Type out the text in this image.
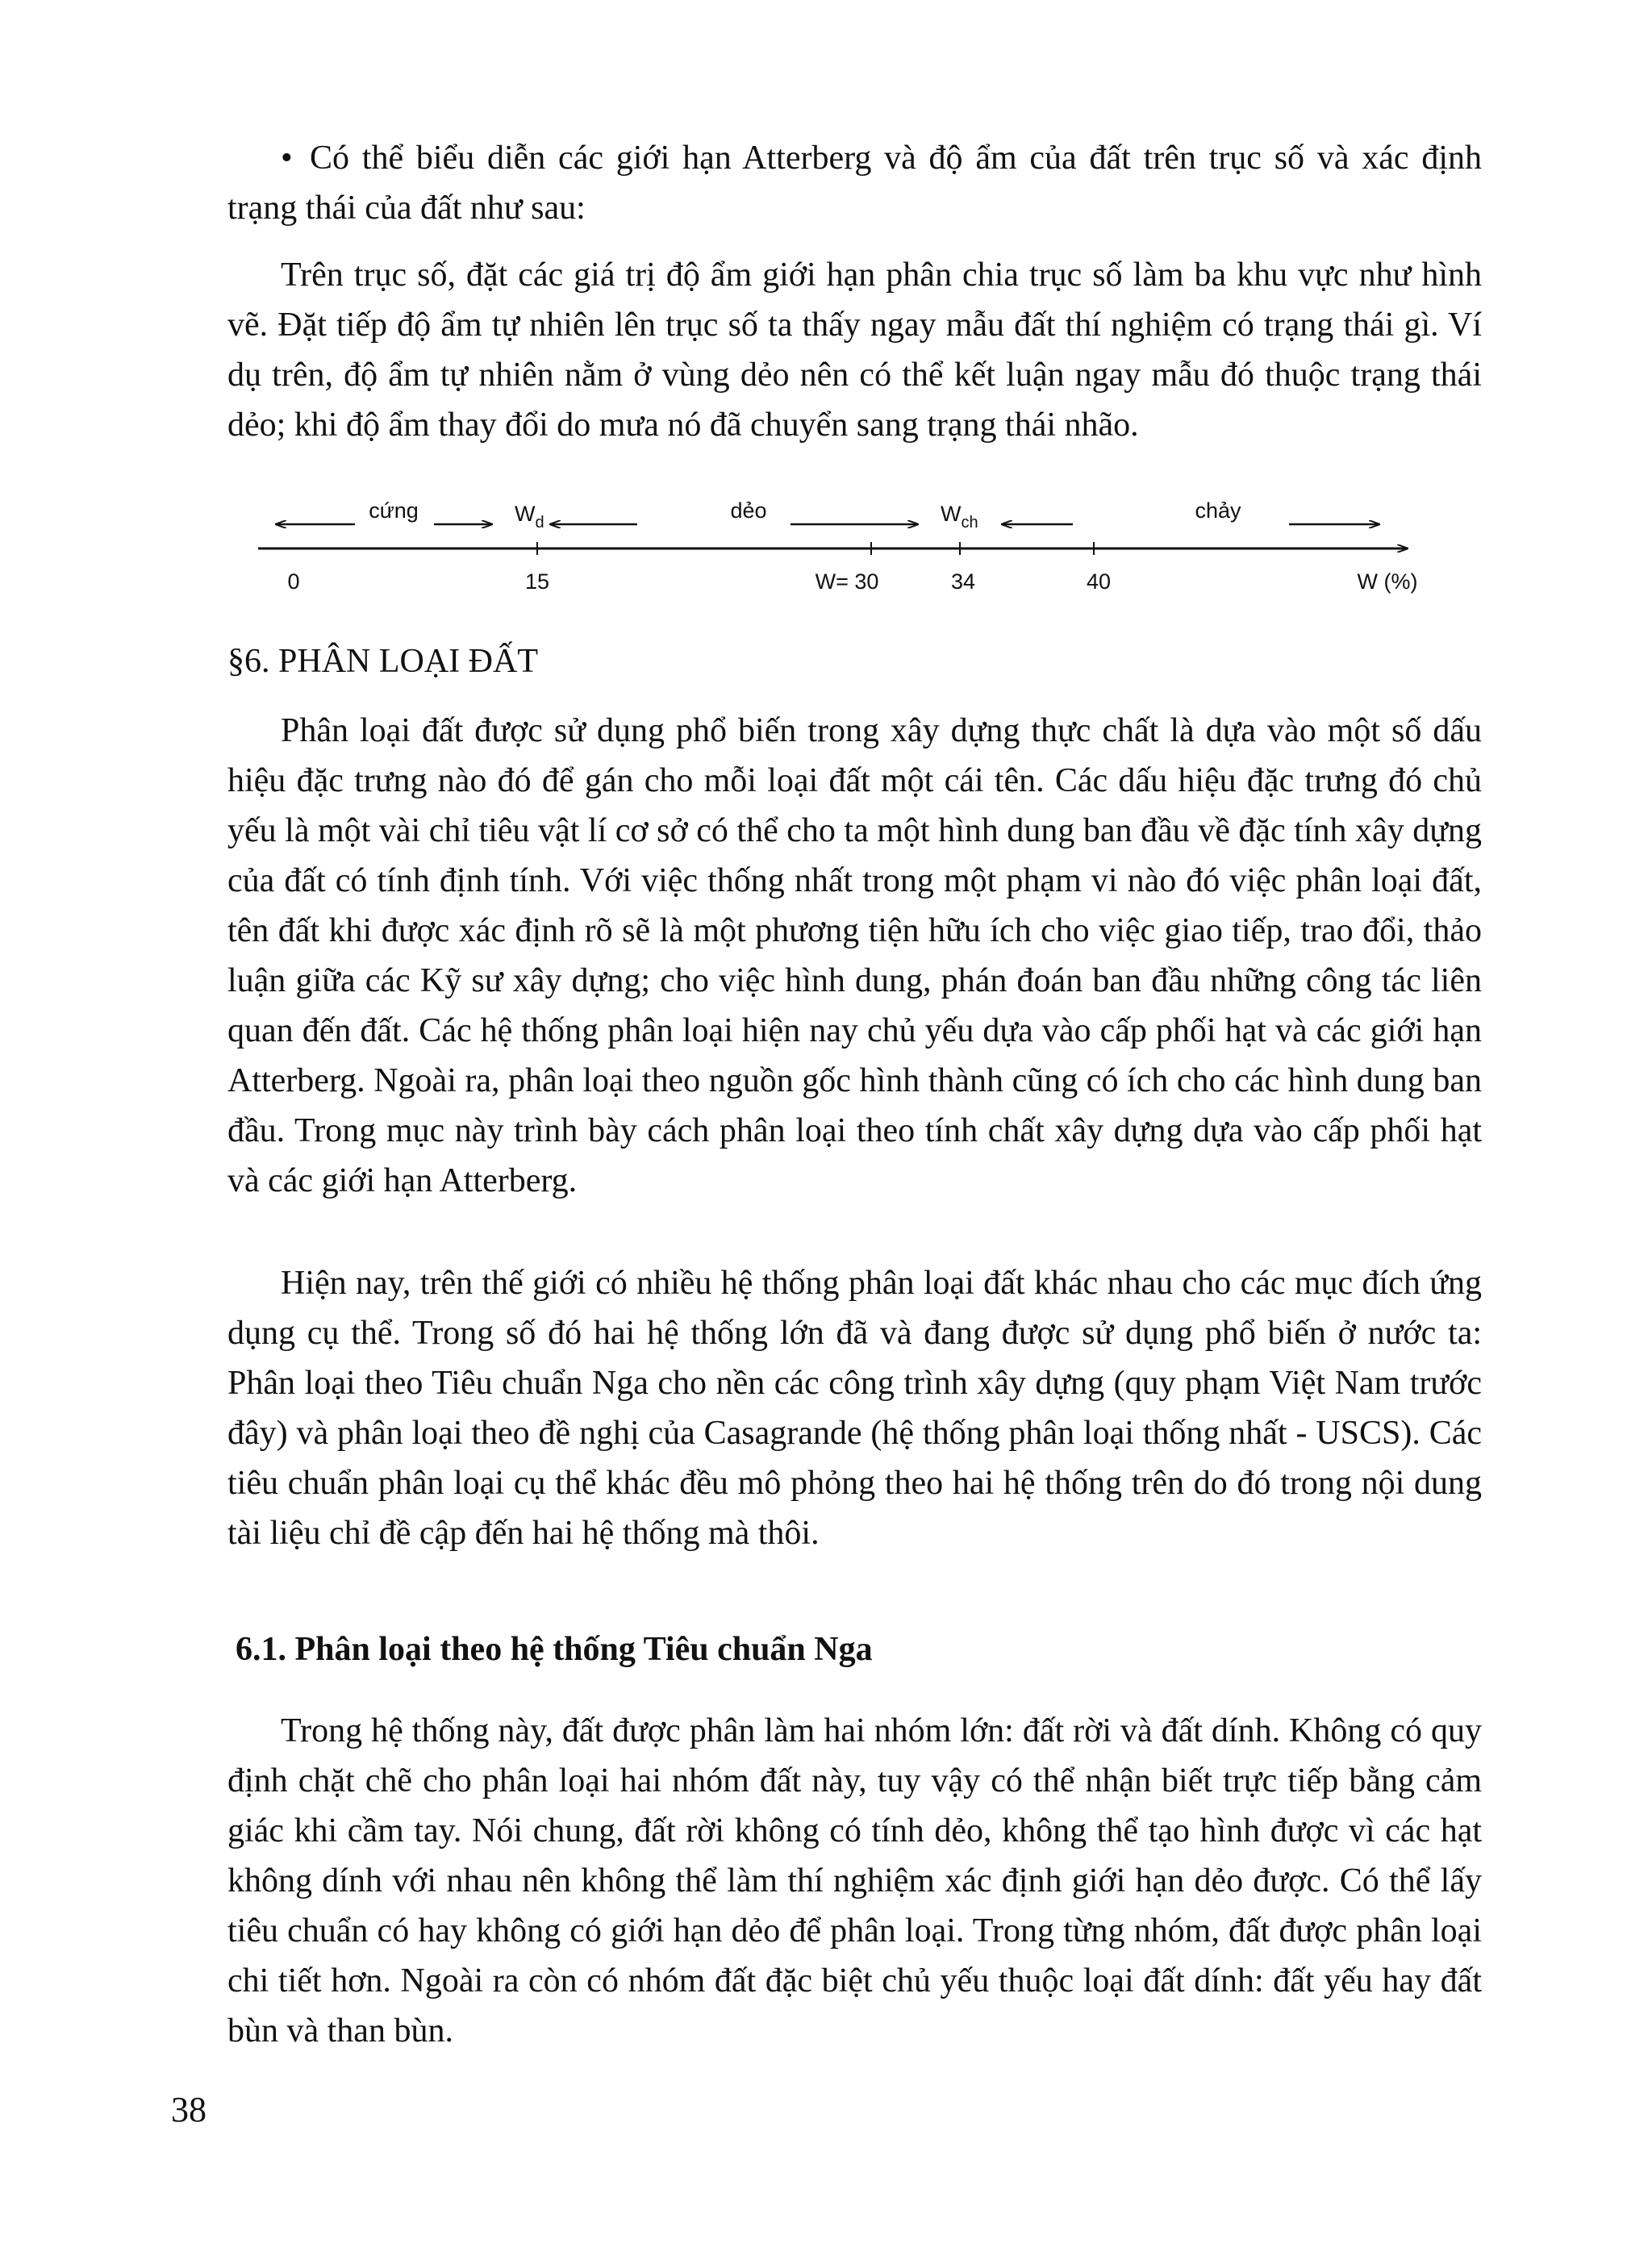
• Có thể biểu diễn các giới hạn Atterberg và độ ẩm của đất trên trục số và xác định trạng thái của đất như sau:

Trên trục số, đặt các giá trị độ ẩm giới hạn phân chia trục số làm ba khu vực như hình vẽ. Đặt tiếp độ ẩm tự nhiên lên trục số ta thấy ngay mẫu đất thí nghiệm có trạng thái gì. Ví dụ trên, độ ẩm tự nhiên nằm ở vùng dẻo nên có thể kết luận ngay mẫu đó thuộc trạng thái dẻo; khi độ ẩm thay đổi do mưa nó đã chuyển sang trạng thái nhão.

cứng	$W_d$	dẻo	$W_{ch}$	chảy
0	15	W= 30	34	40	W (%)

§6. PHÂN LOẠI ĐẤT

Phân loại đất được sử dụng phổ biến trong xây dựng thực chất là dựa vào một số dấu hiệu đặc trưng nào đó để gán cho mỗi loại đất một cái tên. Các dấu hiệu đặc trưng đó chủ yếu là một vài chỉ tiêu vật lí cơ sở có thể cho ta một hình dung ban đầu về đặc tính xây dựng của đất có tính định tính. Với việc thống nhất trong một phạm vi nào đó việc phân loại đất, tên đất khi được xác định rõ sẽ là một phương tiện hữu ích cho việc giao tiếp, trao đổi, thảo luận giữa các Kỹ sư xây dựng; cho việc hình dung, phán đoán ban đầu những công tác liên quan đến đất. Các hệ thống phân loại hiện nay chủ yếu dựa vào cấp phối hạt và các giới hạn Atterberg. Ngoài ra, phân loại theo nguồn gốc hình thành cũng có ích cho các hình dung ban đầu. Trong mục này trình bày cách phân loại theo tính chất xây dựng dựa vào cấp phối hạt và các giới hạn Atterberg.

Hiện nay, trên thế giới có nhiều hệ thống phân loại đất khác nhau cho các mục đích ứng dụng cụ thể. Trong số đó hai hệ thống lớn đã và đang được sử dụng phổ biến ở nước ta: Phân loại theo Tiêu chuẩn Nga cho nền các công trình xây dựng (quy phạm Việt Nam trước đây) và phân loại theo đề nghị của Casagrande (hệ thống phân loại thống nhất - USCS). Các tiêu chuẩn phân loại cụ thể khác đều mô phỏng theo hai hệ thống trên do đó trong nội dung tài liệu chỉ đề cập đến hai hệ thống mà thôi.

6.1. Phân loại theo hệ thống Tiêu chuẩn Nga

Trong hệ thống này, đất được phân làm hai nhóm lớn: đất rời và đất dính. Không có quy định chặt chẽ cho phân loại hai nhóm đất này, tuy vậy có thể nhận biết trực tiếp bằng cảm giác khi cầm tay. Nói chung, đất rời không có tính dẻo, không thể tạo hình được vì các hạt không dính với nhau nên không thể làm thí nghiệm xác định giới hạn dẻo được. Có thể lấy tiêu chuẩn có hay không có giới hạn dẻo để phân loại. Trong từng nhóm, đất được phân loại chi tiết hơn. Ngoài ra còn có nhóm đất đặc biệt chủ yếu thuộc loại đất dính: đất yếu hay đất bùn và than bùn.

38
